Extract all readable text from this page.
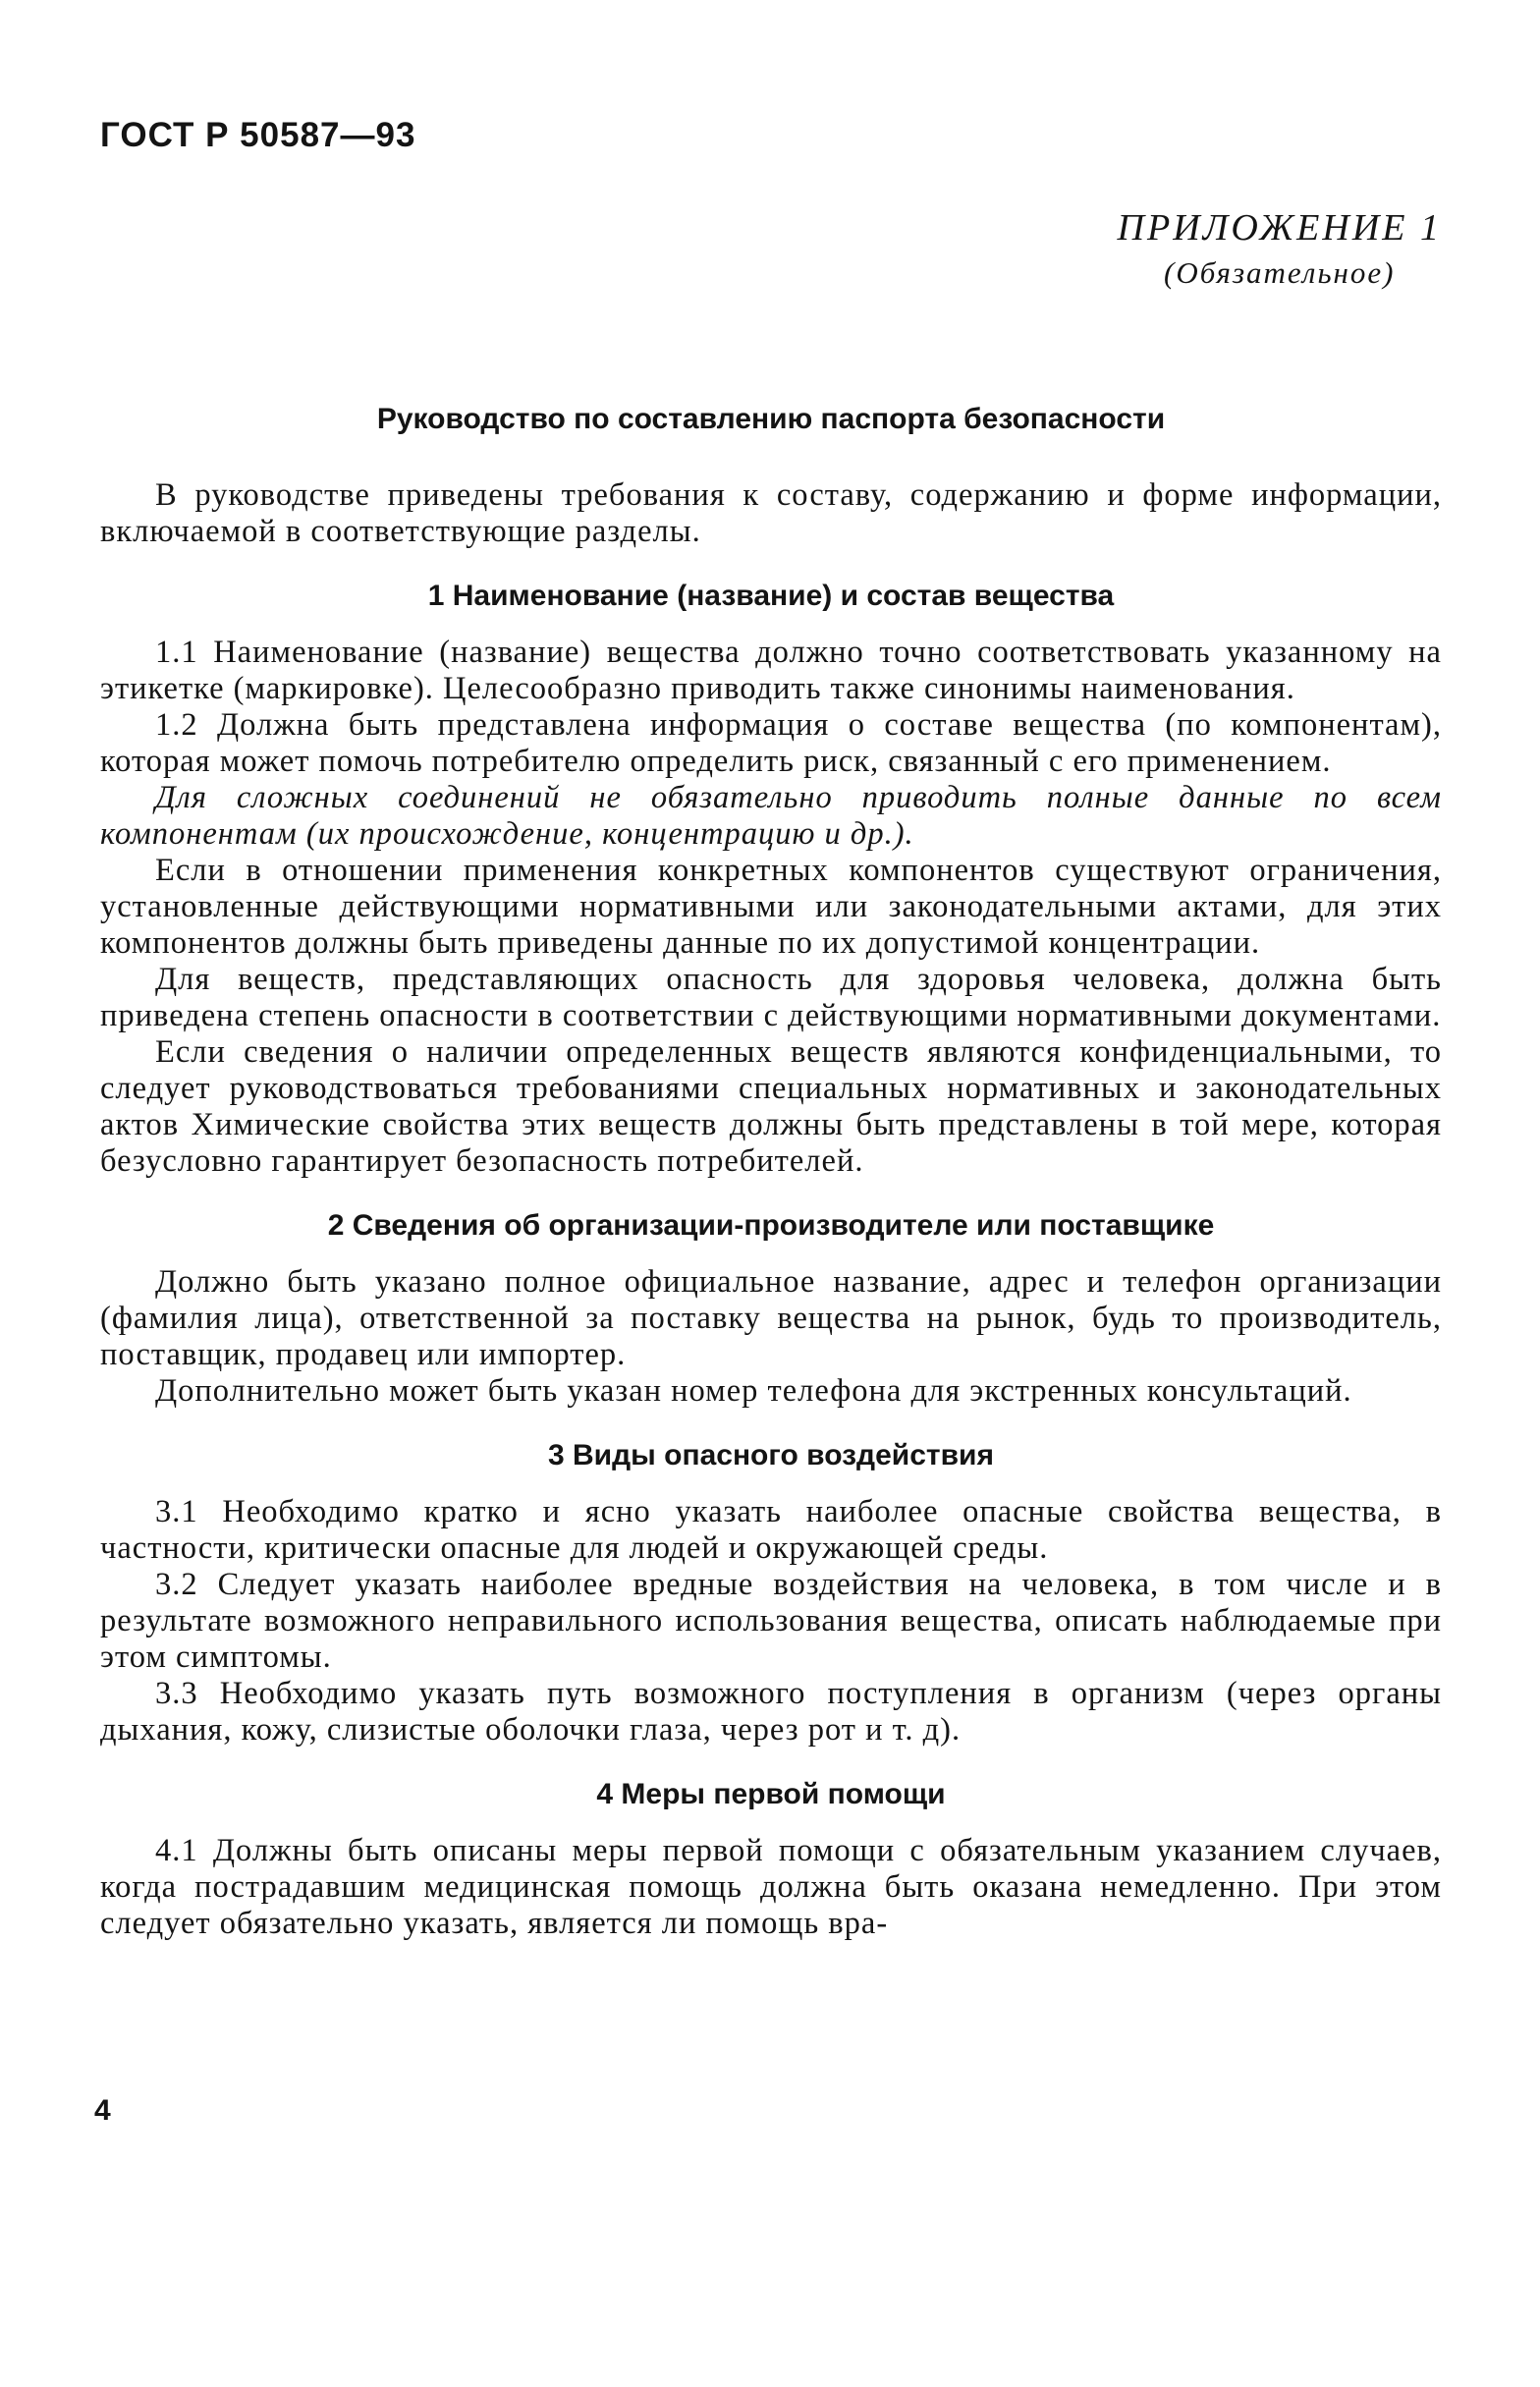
ГОСТ Р 50587—93
ПРИЛОЖЕНИЕ 1
(Обязательное)
Руководство по составлению паспорта безопасности

В руководстве приведены требования к составу, содержанию и форме информации, включаемой в соответствующие разделы.

1 Наименование (название) и состав вещества

1.1 Наименование (название) вещества должно точно соответствовать указанному на этикетке (маркировке). Целесообразно приводить также синонимы наименования.

1.2 Должна быть представлена информация о составе вещества (по компонентам), которая может помочь потребителю определить риск, связанный с его применением.

Для сложных соединений не обязательно приводить полные данные по всем компонентам (их происхождение, концентрацию и др.).

Если в отношении применения конкретных компонентов существуют ограничения, установленные действующими нормативными или законодательными актами, для этих компонентов должны быть приведены данные по их допустимой концентрации.

Для веществ, представляющих опасность для здоровья человека, должна быть приведена степень опасности в соответствии с действующими нормативными документами.

Если сведения о наличии определенных веществ являются конфиденциальными, то следует руководствоваться требованиями специальных нормативных и законодательных актов Химические свойства этих веществ должны быть представлены в той мере, которая безусловно гарантирует безопасность потребителей.

2 Сведения об организации-производителе или поставщике

Должно быть указано полное официальное название, адрес и телефон организации (фамилия лица), ответственной за поставку вещества на рынок, будь то производитель, поставщик, продавец или импортер.

Дополнительно может быть указан номер телефона для экстренных консультаций.

3 Виды опасного воздействия

3.1 Необходимо кратко и ясно указать наиболее опасные свойства вещества, в частности, критически опасные для людей и окружающей среды.

3.2 Следует указать наиболее вредные воздействия на человека, в том числе и в результате возможного неправильного использования вещества, описать наблюдаемые при этом симптомы.

3.3 Необходимо указать путь возможного поступления в организм (через органы дыхания, кожу, слизистые оболочки глаза, через рот и т. д).

4 Меры первой помощи

4.1 Должны быть описаны меры первой помощи с обязательным указанием случаев, когда пострадавшим медицинская помощь должна быть оказана немедленно. При этом следует обязательно указать, является ли помощь вра-

4
